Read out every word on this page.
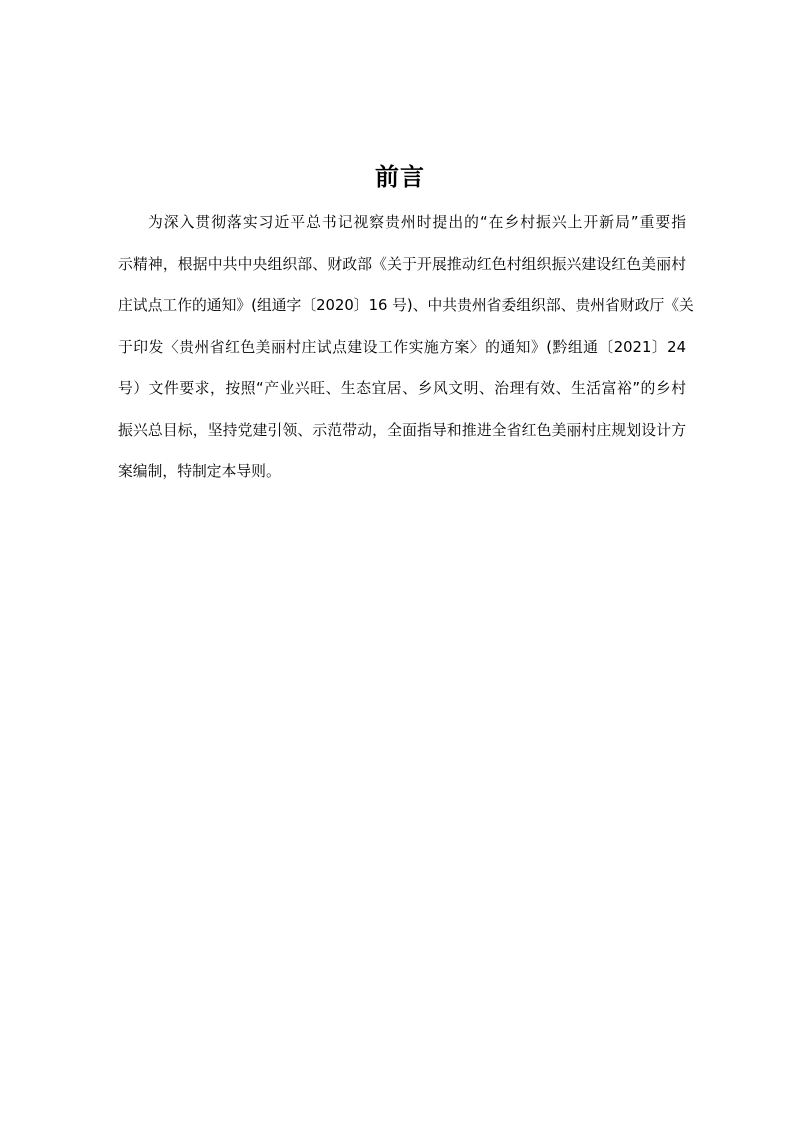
前言
为深入贯彻落实习近平总书记视察贵州时提出的“在乡村振兴上开新局”重要指
示精神，根据中共中央组织部、财政部《关于开展推动红色村组织振兴建设红色美丽村
庄试点工作的通知》(组通字〔2020〕16 号)、中共贵州省委组织部、贵州省财政厅《关
于印发〈贵州省红色美丽村庄试点建设工作实施方案〉的通知》(黔组通〔2021〕24
号）文件要求，按照“产业兴旺、生态宜居、乡风文明、治理有效、生活富裕”的乡村
振兴总目标，坚持党建引领、示范带动，全面指导和推进全省红色美丽村庄规划设计方
案编制，特制定本导则。
